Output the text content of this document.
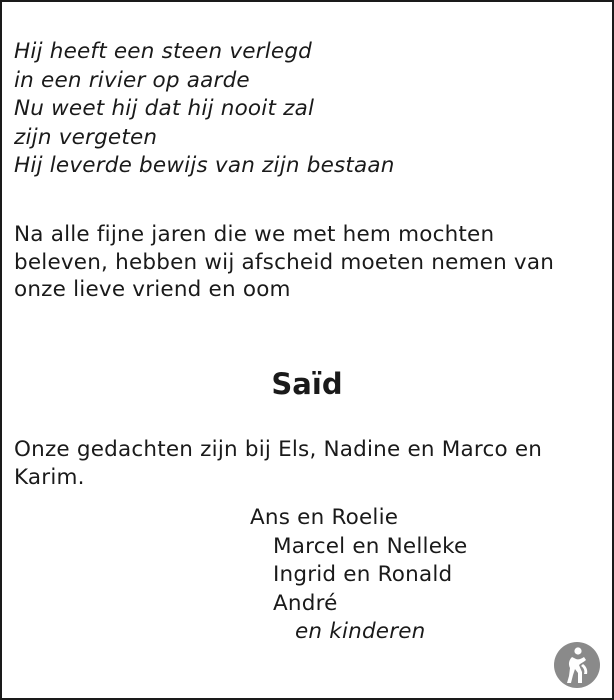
Hij heeft een steen verlegd
in een rivier op aarde
Nu weet hij dat hij nooit zal
zijn vergeten
Hij leverde bewijs van zijn bestaan
Na alle fijne jaren die we met hem mochten
beleven, hebben wij afscheid moeten nemen van
onze lieve vriend en oom
Saïd
Onze gedachten zijn bij Els, Nadine en Marco en
Karim.
Ans en Roelie
Marcel en Nelleke
Ingrid en Ronald
André
en kinderen
